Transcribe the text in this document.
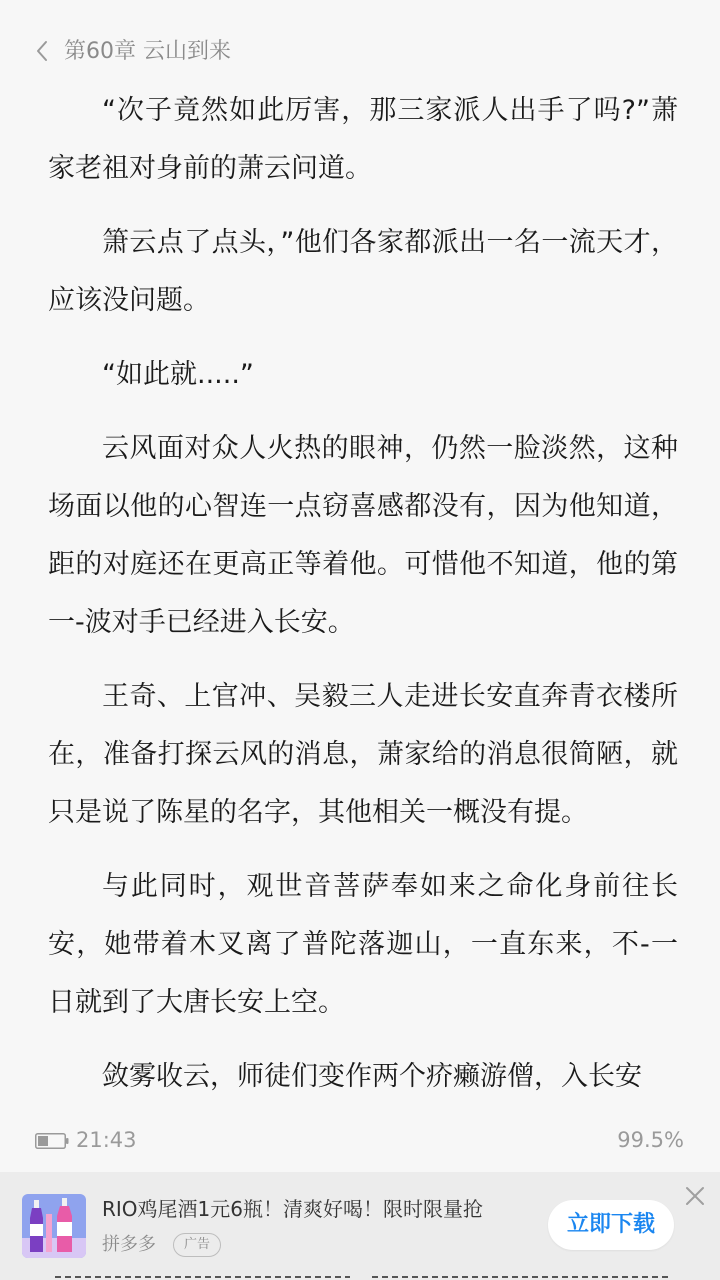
第60章 云山到来

“次子竟然如此厉害，那三家派人出手了吗?”萧家老祖对身前的萧云问道。

箫云点了点头，”他们各家都派出一名一流天才，应该没问题。

“如此就.....”

云风面对众人火热的眼神，仍然一脸淡然，这种场面以他的心智连一点窃喜感都没有，因为他知道，距的对庭还在更高正等着他。可惜他不知道，他的第一-波对手已经进入长安。

王奇、上官冲、吴毅三人走进长安直奔青衣楼所在，准备打探云风的消息，萧家给的消息很简陋，就只是说了陈星的名字，其他相关一概没有提。

与此同时，观世音菩萨奉如来之命化身前往长安，她带着木叉离了普陀落迦山，一直东来，不-一日就到了大唐长安上空。

敛雾收云，师徒们变作两个疥癞游僧，入长安

21:43	99.5%
RIO鸡尾酒1元6瓶！清爽好喝！限时限量抢
拼多多	广告
立即下载
